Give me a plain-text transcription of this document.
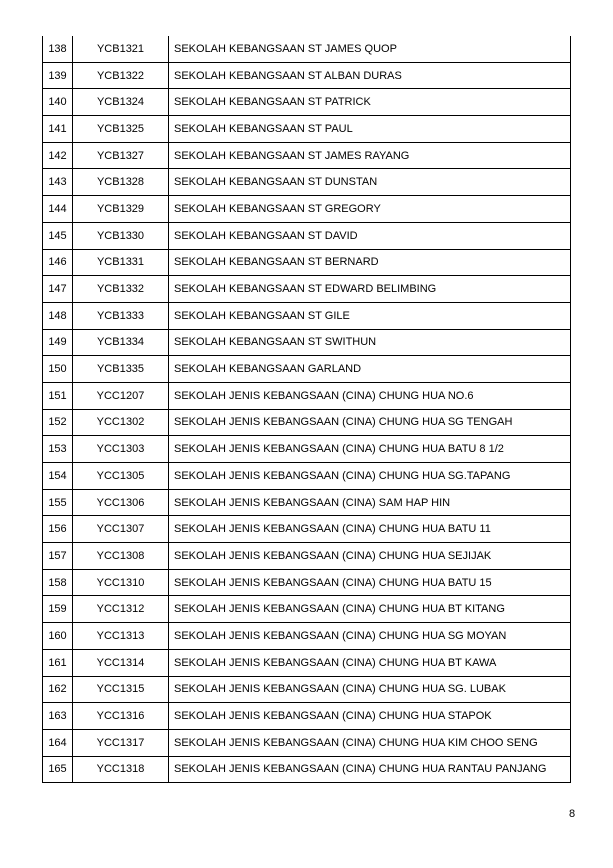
138	YCB1321	SEKOLAH KEBANGSAAN ST JAMES QUOP
139	YCB1322	SEKOLAH KEBANGSAAN ST ALBAN DURAS
140	YCB1324	SEKOLAH KEBANGSAAN ST PATRICK
141	YCB1325	SEKOLAH KEBANGSAAN ST PAUL
142	YCB1327	SEKOLAH KEBANGSAAN ST JAMES RAYANG
143	YCB1328	SEKOLAH KEBANGSAAN ST DUNSTAN
144	YCB1329	SEKOLAH KEBANGSAAN ST GREGORY
145	YCB1330	SEKOLAH KEBANGSAAN ST DAVID
146	YCB1331	SEKOLAH KEBANGSAAN ST BERNARD
147	YCB1332	SEKOLAH KEBANGSAAN ST EDWARD BELIMBING
148	YCB1333	SEKOLAH KEBANGSAAN ST GILE
149	YCB1334	SEKOLAH KEBANGSAAN ST SWITHUN
150	YCB1335	SEKOLAH KEBANGSAAN GARLAND
151	YCC1207	SEKOLAH JENIS KEBANGSAAN (CINA) CHUNG HUA NO.6
152	YCC1302	SEKOLAH JENIS KEBANGSAAN (CINA) CHUNG HUA SG TENGAH
153	YCC1303	SEKOLAH JENIS KEBANGSAAN (CINA) CHUNG HUA BATU 8 1/2
154	YCC1305	SEKOLAH JENIS KEBANGSAAN (CINA) CHUNG HUA SG.TAPANG
155	YCC1306	SEKOLAH JENIS KEBANGSAAN (CINA) SAM HAP HIN
156	YCC1307	SEKOLAH JENIS KEBANGSAAN (CINA) CHUNG HUA BATU 11
157	YCC1308	SEKOLAH JENIS KEBANGSAAN (CINA) CHUNG HUA SEJIJAK
158	YCC1310	SEKOLAH JENIS KEBANGSAAN (CINA) CHUNG HUA BATU 15
159	YCC1312	SEKOLAH JENIS KEBANGSAAN (CINA) CHUNG HUA BT KITANG
160	YCC1313	SEKOLAH JENIS KEBANGSAAN (CINA) CHUNG HUA SG MOYAN
161	YCC1314	SEKOLAH JENIS KEBANGSAAN (CINA) CHUNG HUA BT KAWA
162	YCC1315	SEKOLAH JENIS KEBANGSAAN (CINA) CHUNG HUA SG. LUBAK
163	YCC1316	SEKOLAH JENIS KEBANGSAAN (CINA) CHUNG HUA STAPOK
164	YCC1317	SEKOLAH JENIS KEBANGSAAN (CINA) CHUNG HUA KIM CHOO SENG
165	YCC1318	SEKOLAH JENIS KEBANGSAAN (CINA) CHUNG HUA RANTAU PANJANG
8
